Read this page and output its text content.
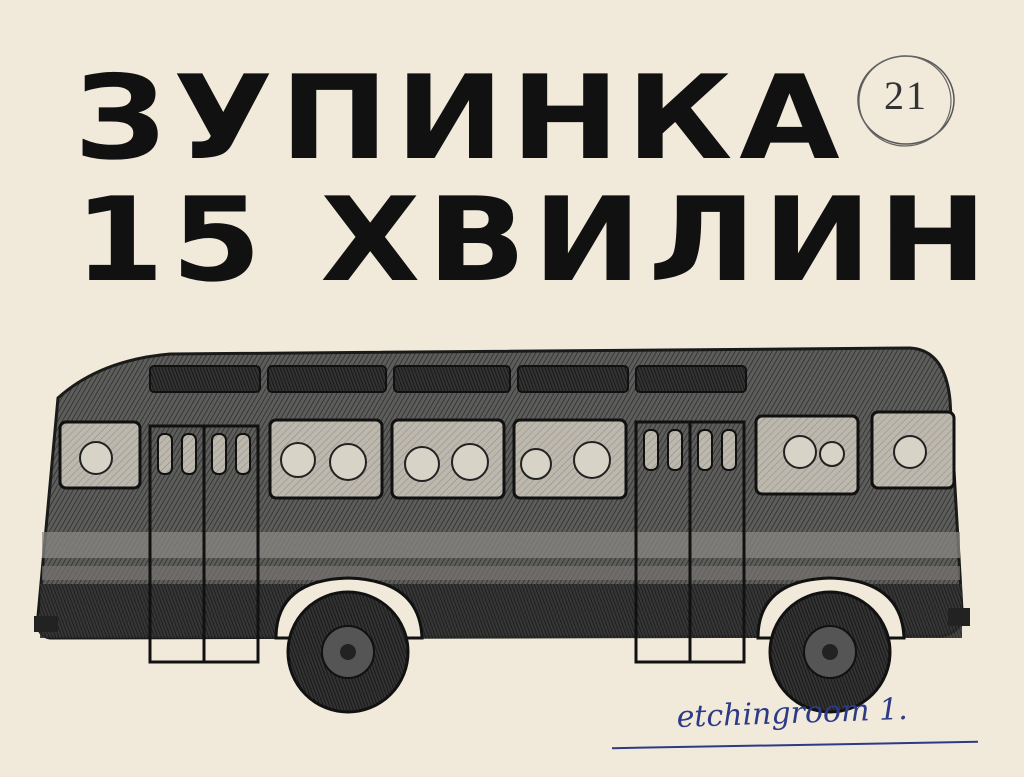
ЗУПИНКА
15 ХВИЛИН
21
etchingroom 1.
